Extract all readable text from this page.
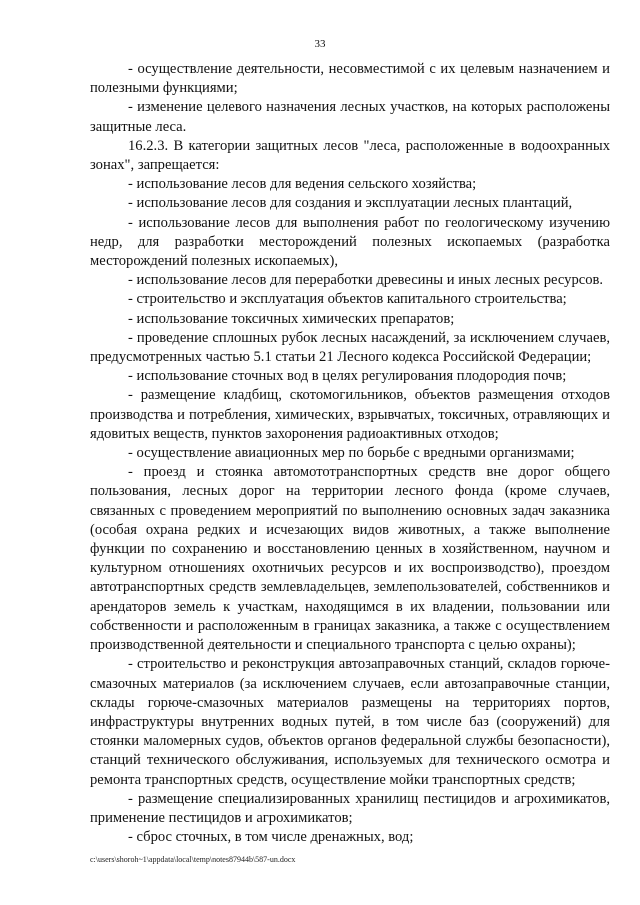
33

- осуществление деятельности, несовместимой с их целевым назначением и полезными функциями;

- изменение целевого назначения лесных участков, на которых расположены защитные леса.

16.2.3. В категории защитных лесов "леса, расположенные в водоохранных зонах", запрещается:

- использование лесов для ведения сельского хозяйства;

- использование лесов для создания и эксплуатации лесных плантаций,

- использование лесов для выполнения работ по геологическому изучению недр, для разработки месторождений полезных ископаемых (разработка месторождений полезных ископаемых),

- использование лесов для переработки древесины и иных лесных ресурсов.

- строительство и эксплуатация объектов капитального строительства;

- использование токсичных химических препаратов;

- проведение сплошных рубок лесных насаждений, за исключением случаев, предусмотренных частью 5.1 статьи 21 Лесного кодекса Российской Федерации;

- использование сточных вод в целях регулирования плодородия почв;

- размещение кладбищ, скотомогильников, объектов размещения отходов производства и потребления, химических, взрывчатых, токсичных, отравляющих и ядовитых веществ, пунктов захоронения радиоактивных отходов;

- осуществление авиационных мер по борьбе с вредными организмами;

- проезд и стоянка автомототранспортных средств вне дорог общего пользования, лесных дорог на территории лесного фонда (кроме случаев, связанных с проведением мероприятий по выполнению основных задач заказника (особая охрана редких и исчезающих видов животных, а также выполнение функции по сохранению и восстановлению ценных в хозяйственном, научном и культурном отношениях охотничьих ресурсов и их воспроизводство), проездом автотранспортных средств землевладельцев, землепользователей, собственников и арендаторов земель к участкам, находящимся в их владении, пользовании или собственности и расположенным в границах заказника, а также с осуществлением производственной деятельности и специального транспорта с целью охраны);

- строительство и реконструкция автозаправочных станций, складов горюче-смазочных материалов (за исключением случаев, если автозаправочные станции, склады горюче-смазочных материалов размещены на территориях портов, инфраструктуры внутренних водных путей, в том числе баз (сооружений) для стоянки маломерных судов, объектов органов федеральной службы безопасности), станций технического обслуживания, используемых для технического осмотра и ремонта транспортных средств, осуществление мойки транспортных средств;

- размещение специализированных хранилищ пестицидов и агрохимикатов, применение пестицидов и агрохимикатов;

- сброс сточных, в том числе дренажных, вод;

c:\users\shoroh~1\appdata\local\temp\notes87944b\587-un.docx
